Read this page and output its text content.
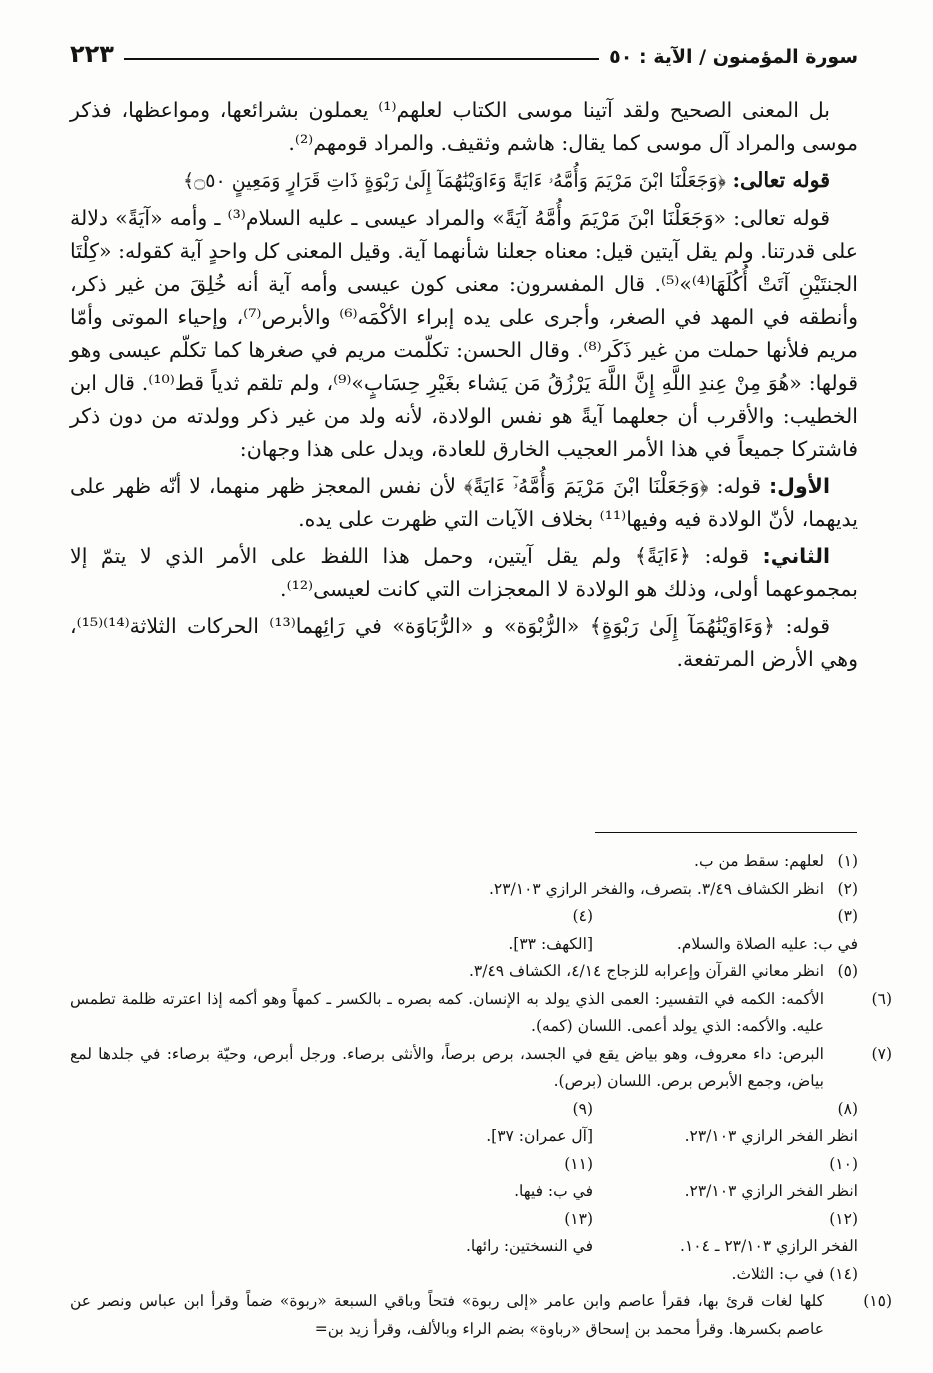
سورة المؤمنون / الآية : ٥٠
٢٢٣

بل المعنى الصحيح ولقد آتينا موسى الكتاب لعلهم⁽¹⁾ يعملون بشرائعها، ومواعظها، فذكر موسى والمراد آل موسى كما يقال: هاشم وثقيف. والمراد قومهم⁽²⁾.

قوله تعالى: ﴿وَجَعَلْنَا ابْنَ مَرْيَمَ وَأُمَّهُۥ ءَايَةً وَءَاوَيْنَٰهُمَآ إِلَىٰ رَبْوَةٍ ذَاتِ قَرَارٍ وَمَعِينٍ ۝٥٠﴾

قوله تعالى: «وَجَعَلْنَا ابْنَ مَرْيَمَ وأُمَّهُ آيَةً» والمراد عيسى ـ عليه السلام⁽³⁾ ـ وأمه «آيَةً» دلالة على قدرتنا. ولم يقل آيتين قيل: معناه جعلنا شأنهما آية. وقيل المعنى كل واحدٍ آية كقوله: «كِلْتَا الجنتَيْنِ آتَتْ أُكُلَهَا⁽⁴⁾»⁽⁵⁾. قال المفسرون: معنى كون عيسى وأمه آية أنه خُلِقَ من غير ذكر، وأنطقه في المهد في الصغر، وأجرى على يده إبراء الأكْمَه⁽⁶⁾ والأبرص⁽⁷⁾، وإحياء الموتى وأمّا مريم فلأنها حملت من غير ذَكَر⁽⁸⁾. وقال الحسن: تكلّمت مريم في صغرها كما تكلّم عيسى وهو قولها: «هُوَ مِنْ عِندِ اللَّهِ إِنَّ اللَّهَ يَرْزُقُ مَن يَشاء بغَيْرِ حِسَابٍ»⁽⁹⁾، ولم تلقم ثدياً قط⁽¹⁰⁾. قال ابن الخطيب: والأقرب أن جعلهما آيةً هو نفس الولادة، لأنه ولد من غير ذكر وولدته من دون ذكر فاشتركا جميعاً في هذا الأمر العجيب الخارق للعادة، ويدل على هذا وجهان:

الأول: قوله: ﴿وَجَعَلْنَا ابْنَ مَرْيَمَ وَأُمَّهُۥٓ ءَايَةً﴾ لأن نفس المعجز ظهر منهما، لا أنّه ظهر على يديهما، لأنّ الولادة فيه وفيها⁽¹¹⁾ بخلاف الآيات التي ظهرت على يده.

الثاني: قوله: ﴿ءَايَةً﴾ ولم يقل آيتين، وحمل هذا اللفظ على الأمر الذي لا يتمّ إلا بمجموعهما أولى، وذلك هو الولادة لا المعجزات التي كانت لعيسى⁽¹²⁾.

قوله: ﴿وَءَاوَيْنَٰهُمَآ إِلَىٰ رَبْوَةٍ﴾ «الرُّبْوَة» و «الرُّبَاوَة» في رَائِهما⁽¹³⁾ الحركات الثلاثة⁽¹⁴⁾⁽¹⁵⁾، وهي الأرض المرتفعة.

(١)لعلهم: سقط من ب.

(٢)انظر الكشاف ٣/٤٩. بتصرف، والفخر الرازي ٢٣/١٠٣.

(٣)
في ب: عليه الصلاة والسلام.
(٤)
[الكهف: ٣٣].

(٥)انظر معاني القرآن وإعرابه للزجاج ٤/١٤، الكشاف ٣/٤٩.

(٦)الأكمه: الكمه في التفسير: العمى الذي يولد به الإنسان. كمه بصره ـ بالكسر ـ كمهاً وهو أكمه إذا اعترته ظلمة تطمس عليه. والأكمه: الذي يولد أعمى. اللسان (كمه).

(٧)البرص: داء معروف، وهو بياض يقع في الجسد، برص برصاً، والأنثى برصاء. ورجل أبرص، وحيّة برصاء: في جلدها لمع بياض، وجمع الأبرص برص. اللسان (برص).

(٨)
انظر الفخر الرازي ٢٣/١٠٣.
(٩)
[آل عمران: ٣٧].
(١٠)
انظر الفخر الرازي ٢٣/١٠٣.
(١١)
في ب: فيها.
(١٢)
الفخر الرازي ٢٣/١٠٣ ـ ١٠٤.
(١٣)
في النسختين: رائها.

(١٤)في ب: الثلاث.

(١٥)كلها لغات قرئ بها، فقرأ عاصم وابن عامر «إلى ربوة» فتحاً وباقي السبعة «ربوة» ضماً وقرأ ابن عباس ونصر عن عاصم بكسرها. وقرأ محمد بن إسحاق «رباوة» بضم الراء وبالألف، وقرأ زيد بن=
